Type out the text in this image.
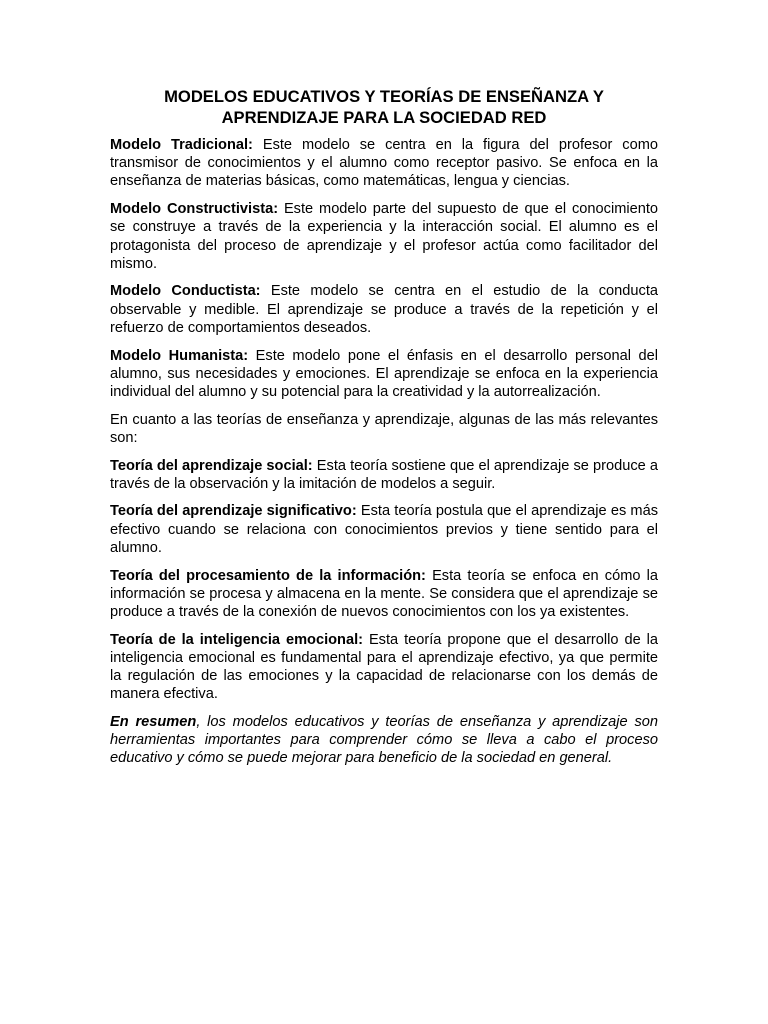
MODELOS EDUCATIVOS Y TEORÍAS DE ENSEÑANZA Y APRENDIZAJE PARA LA SOCIEDAD RED

Modelo Tradicional: Este modelo se centra en la figura del profesor como transmisor de conocimientos y el alumno como receptor pasivo. Se enfoca en la enseñanza de materias básicas, como matemáticas, lengua y ciencias.

Modelo Constructivista: Este modelo parte del supuesto de que el conocimiento se construye a través de la experiencia y la interacción social. El alumno es el protagonista del proceso de aprendizaje y el profesor actúa como facilitador del mismo.

Modelo Conductista: Este modelo se centra en el estudio de la conducta observable y medible. El aprendizaje se produce a través de la repetición y el refuerzo de comportamientos deseados.

Modelo Humanista: Este modelo pone el énfasis en el desarrollo personal del alumno, sus necesidades y emociones. El aprendizaje se enfoca en la experiencia individual del alumno y su potencial para la creatividad y la autorrealización.

En cuanto a las teorías de enseñanza y aprendizaje, algunas de las más relevantes son:

Teoría del aprendizaje social: Esta teoría sostiene que el aprendizaje se produce a través de la observación y la imitación de modelos a seguir.

Teoría del aprendizaje significativo: Esta teoría postula que el aprendizaje es más efectivo cuando se relaciona con conocimientos previos y tiene sentido para el alumno.

Teoría del procesamiento de la información: Esta teoría se enfoca en cómo la información se procesa y almacena en la mente. Se considera que el aprendizaje se produce a través de la conexión de nuevos conocimientos con los ya existentes.

Teoría de la inteligencia emocional: Esta teoría propone que el desarrollo de la inteligencia emocional es fundamental para el aprendizaje efectivo, ya que permite la regulación de las emociones y la capacidad de relacionarse con los demás de manera efectiva.

En resumen, los modelos educativos y teorías de enseñanza y aprendizaje son herramientas importantes para comprender cómo se lleva a cabo el proceso educativo y cómo se puede mejorar para beneficio de la sociedad en general.
